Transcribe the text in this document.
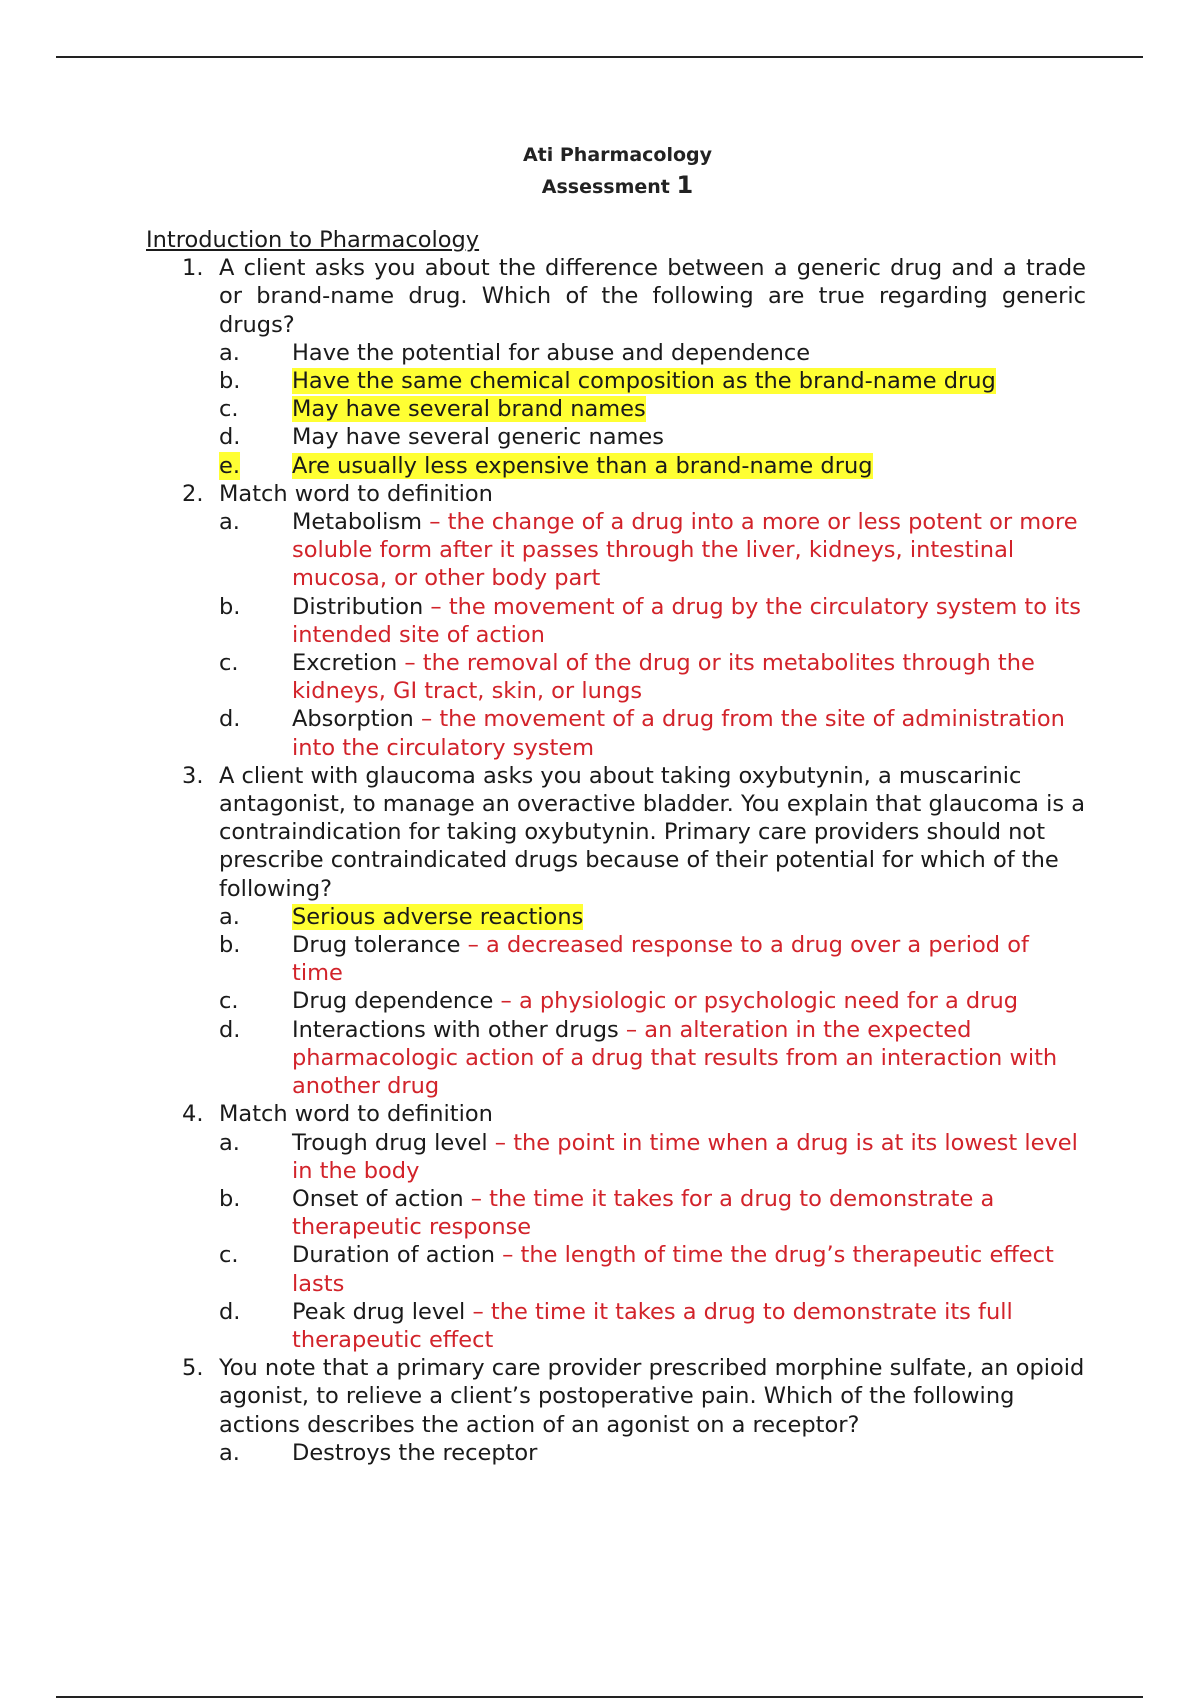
Ati Pharmacology
Assessment 1
Introduction to Pharmacology
1. A client asks you about the difference between a generic drug and a trade or brand-name drug. Which of the following are true regarding generic drugs?
a. Have the potential for abuse and dependence
b. Have the same chemical composition as the brand-name drug
c. May have several brand names
d. May have several generic names
e. Are usually less expensive than a brand-name drug
2. Match word to definition
a. Metabolism – the change of a drug into a more or less potent or more soluble form after it passes through the liver, kidneys, intestinal mucosa, or other body part
b. Distribution – the movement of a drug by the circulatory system to its intended site of action
c. Excretion – the removal of the drug or its metabolites through the kidneys, GI tract, skin, or lungs
d. Absorption – the movement of a drug from the site of administration into the circulatory system
3. A client with glaucoma asks you about taking oxybutynin, a muscarinic antagonist, to manage an overactive bladder. You explain that glaucoma is a contraindication for taking oxybutynin. Primary care providers should not prescribe contraindicated drugs because of their potential for which of the following?
a. Serious adverse reactions
b. Drug tolerance – a decreased response to a drug over a period of time
c. Drug dependence – a physiologic or psychologic need for a drug
d. Interactions with other drugs – an alteration in the expected pharmacologic action of a drug that results from an interaction with another drug
4. Match word to definition
a. Trough drug level – the point in time when a drug is at its lowest level in the body
b. Onset of action – the time it takes for a drug to demonstrate a therapeutic response
c. Duration of action – the length of time the drug’s therapeutic effect lasts
d. Peak drug level – the time it takes a drug to demonstrate its full therapeutic effect
5. You note that a primary care provider prescribed morphine sulfate, an opioid agonist, to relieve a client’s postoperative pain. Which of the following actions describes the action of an agonist on a receptor?
a. Destroys the receptor
